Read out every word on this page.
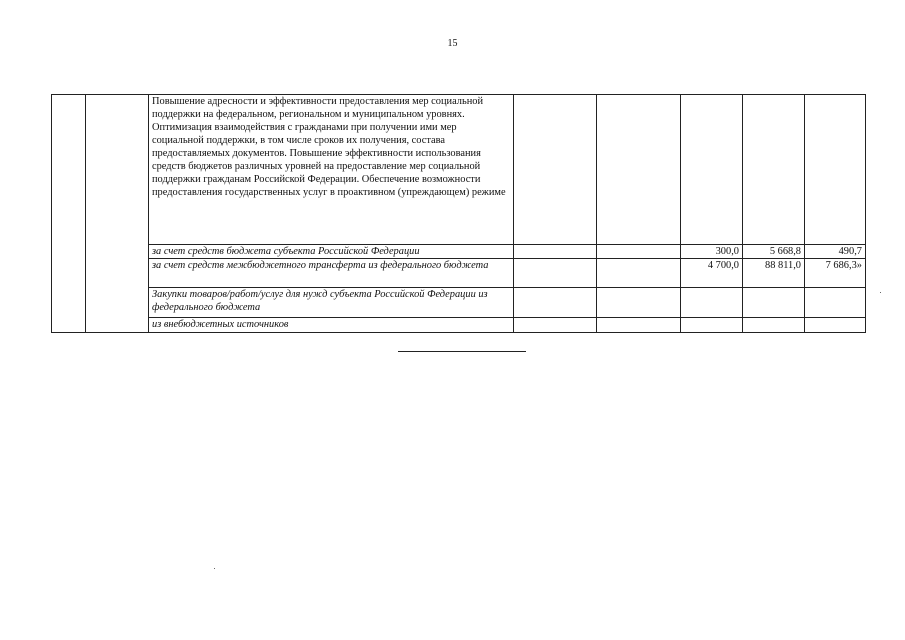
15
		Повышение адресности и эффективности предоставления мер социальной поддержки на федеральном, региональном и муниципальном уровнях. Оптимизация взаимодействия с гражданами при получении ими мер социальной поддержки, в том числе сроков их получения, состава предоставляемых документов. Повышение эффективности использования средств бюджетов различных уровней на предоставление мер социальной поддержки гражданам Российской Федерации. Обеспечение возможности предоставления государственных услуг в проактивном (упреждающем) режиме					
		за счет средств бюджета субъекта Российской Федерации			300,0	5 668,8	490,7
		за счет средств межбюджетного трансферта из федерального бюджета			4 700,0	88 811,0	7 686,3»
		Закупки товаров/работ/услуг для нужд субъекта Российской Федерации из федерального бюджета					
		из внебюджетных источников					
